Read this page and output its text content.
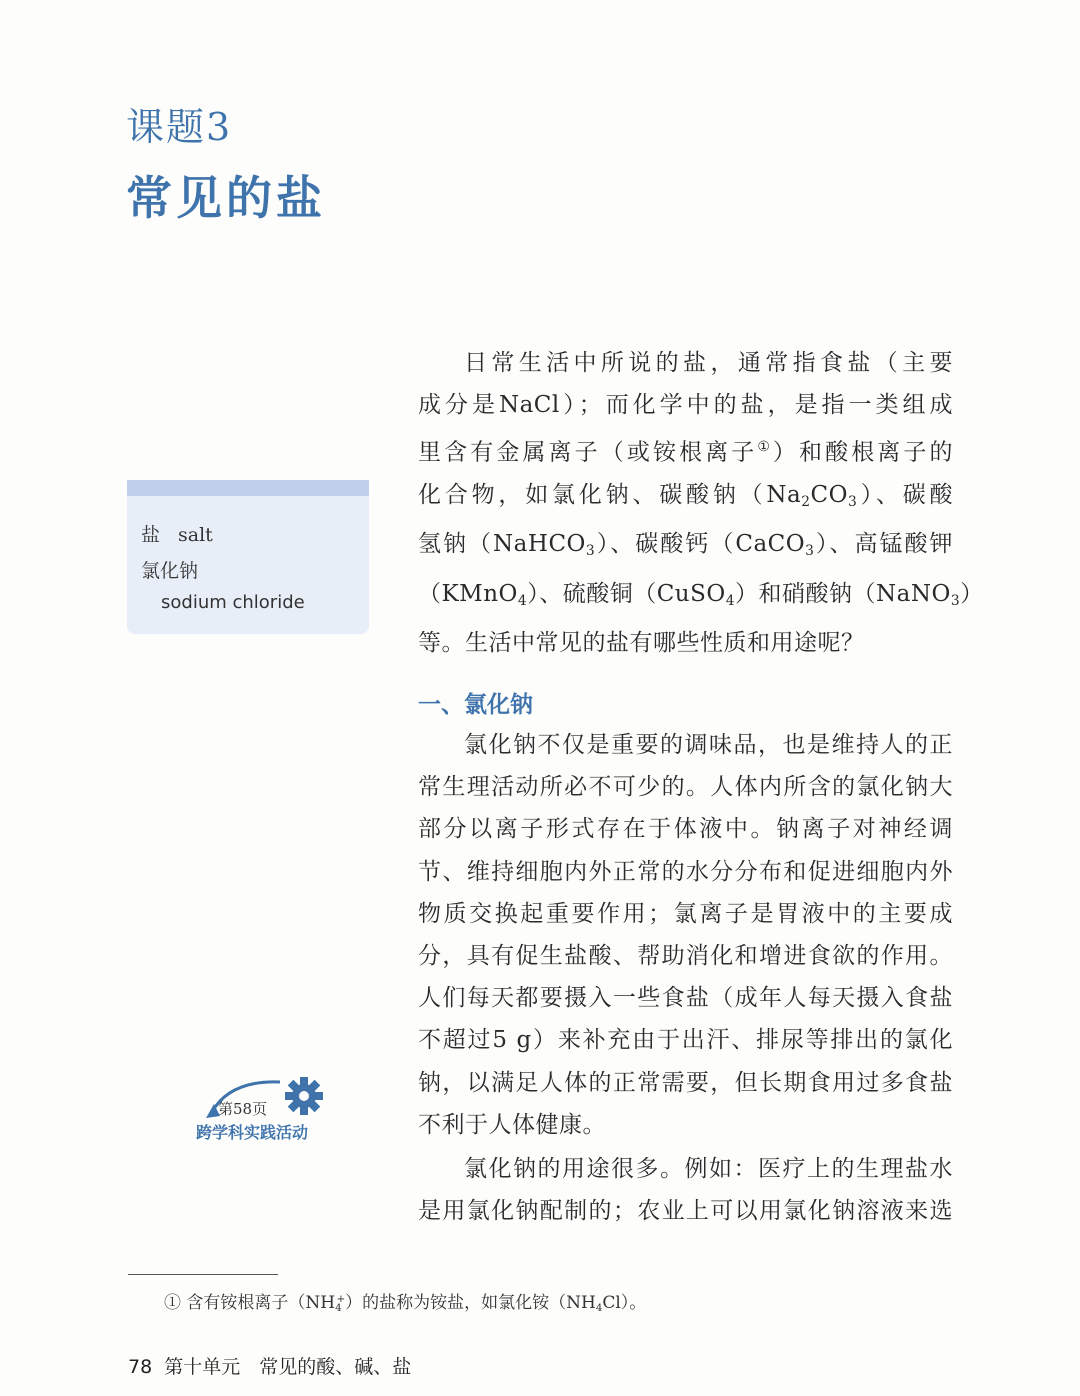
课题3
常见的盐
盐 salt
氯化钠
sodium chloride
日常生活中所说的盐，通常指食盐（主要
成分是NaCl）；而化学中的盐，是指一类组成
里含有金属离子（或铵根离子①）和酸根离子的
化合物，如氯化钠、碳酸钠$(Na_2CO_3)$、碳酸
氢钠（NaHCO$_3$）、碳酸钙（CaCO$_3$）、高锰酸钾
（KMnO$_4$）、硫酸铜（CuSO$_4$）和硝酸钠（NaNO$_3$）
等。生活中常见的盐有哪些性质和用途呢？
一、氯化钠
氯化钠不仅是重要的调味品，也是维持人的正
常生理活动所必不可少的。人体内所含的氯化钠大
部分以离子形式存在于体液中。钠离子对神经调
节、维持细胞内外正常的水分分布和促进细胞内外
物质交换起重要作用；氯离子是胃液中的主要成
分，具有促生盐酸、帮助消化和增进食欲的作用。
人们每天都要摄入一些食盐（成年人每天摄入食盐
不超过5 g）来补充由于出汗、排尿等排出的氯化
钠，以满足人体的正常需要，但长期食用过多食盐
不利于人体健康。
氯化钠的用途很多。例如：医疗上的生理盐水
是用氯化钠配制的；农业上可以用氯化钠溶液来选
第58页
跨学科实践活动
① 含有铵根离子$(NH_4^+)$的盐称为铵盐，如氯化铵$(NH_4Cl)$。
78 第十单元　常见的酸、碱、盐
